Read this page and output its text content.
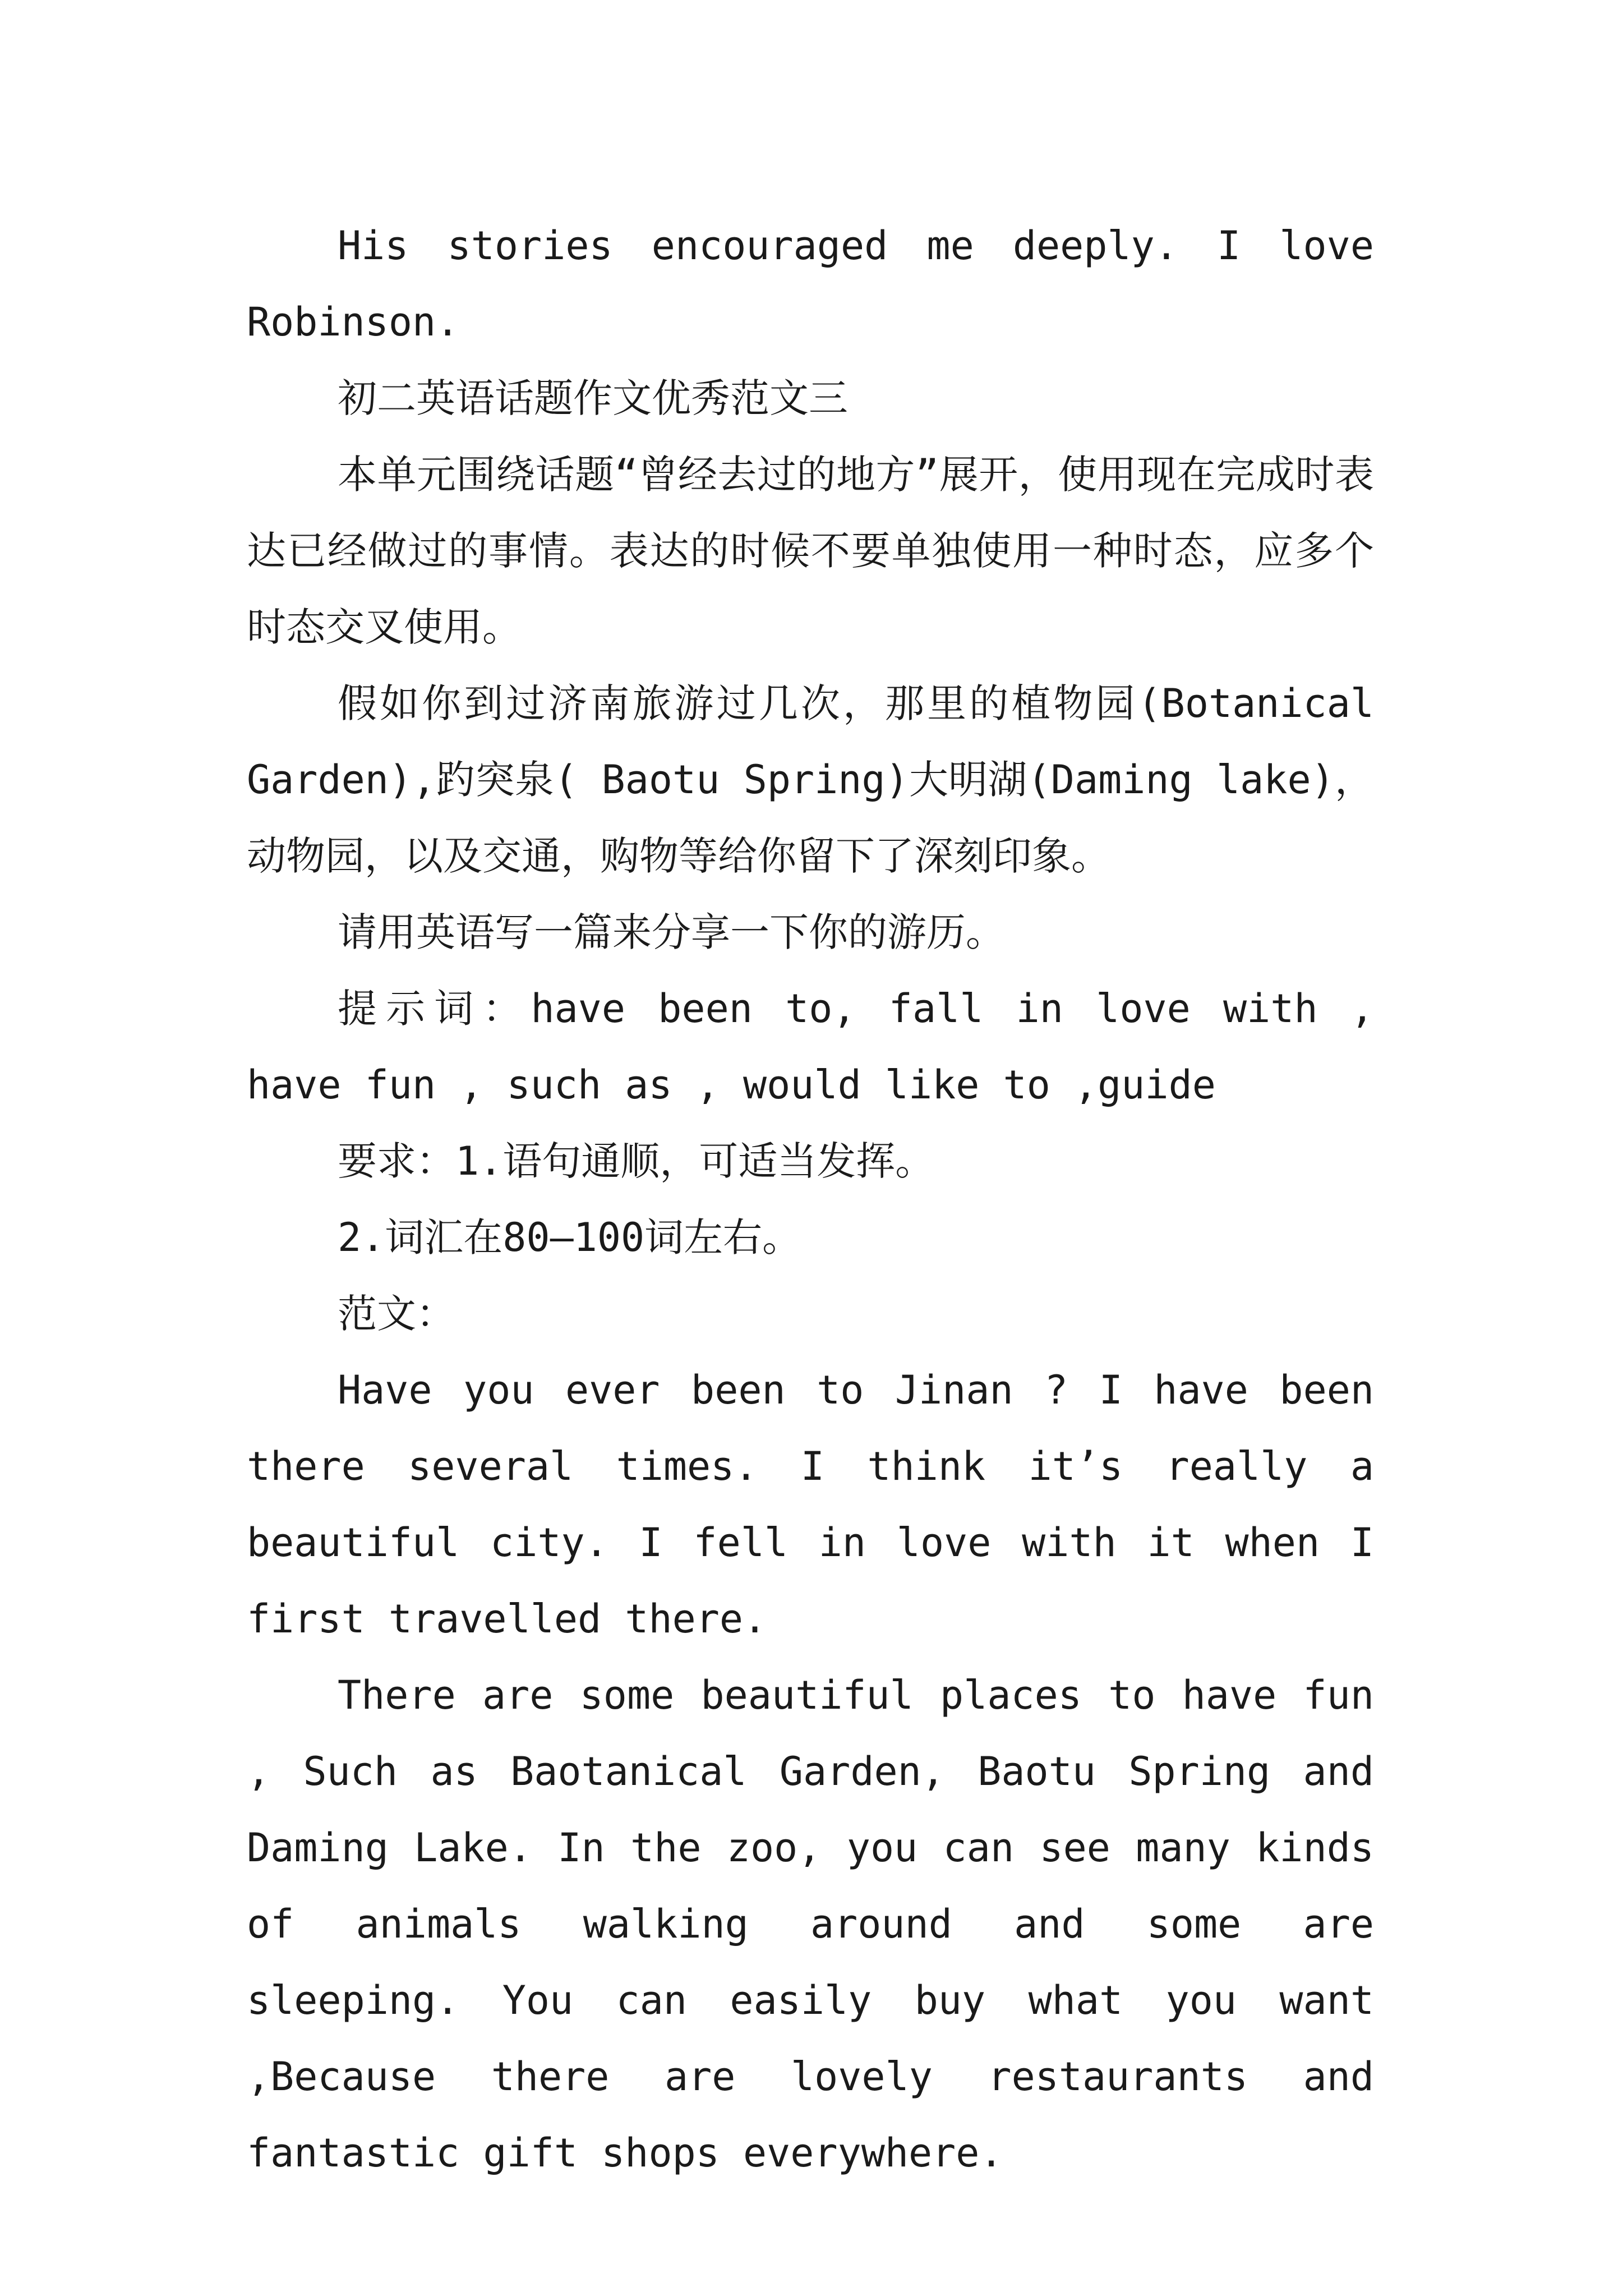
His stories encouraged me deeply. I love Robinson.

初二英语话题作文优秀范文三

本单元围绕话题“曾经去过的地方”展开，使用现在完成时表达已经做过的事情。表达的时候不要单独使用一种时态，应多个时态交叉使用。

假如你到过济南旅游过几次，那里的植物园(Botanical Garden),趵突泉( Baotu Spring)大明湖(Daming lake)，动物园，以及交通，购物等给你留下了深刻印象。

请用英语写一篇来分享一下你的游历。

提示词：have been to, fall in love with , have fun , such as , would like to ,guide

要求：1.语句通顺，可适当发挥。

2.词汇在80—100词左右。

范文：

Have you ever been to Jinan ? I have been there several times. I think it’s really a beautiful city. I fell in love with it when I first travelled there.

There are some beautiful places to have fun , Such as Baotanical Garden, Baotu Spring and Daming Lake. In the zoo, you can see many kinds of animals walking around and some are sleeping. You can easily buy what you want ,Because there are lovely restaurants and fantastic gift shops everywhere.
